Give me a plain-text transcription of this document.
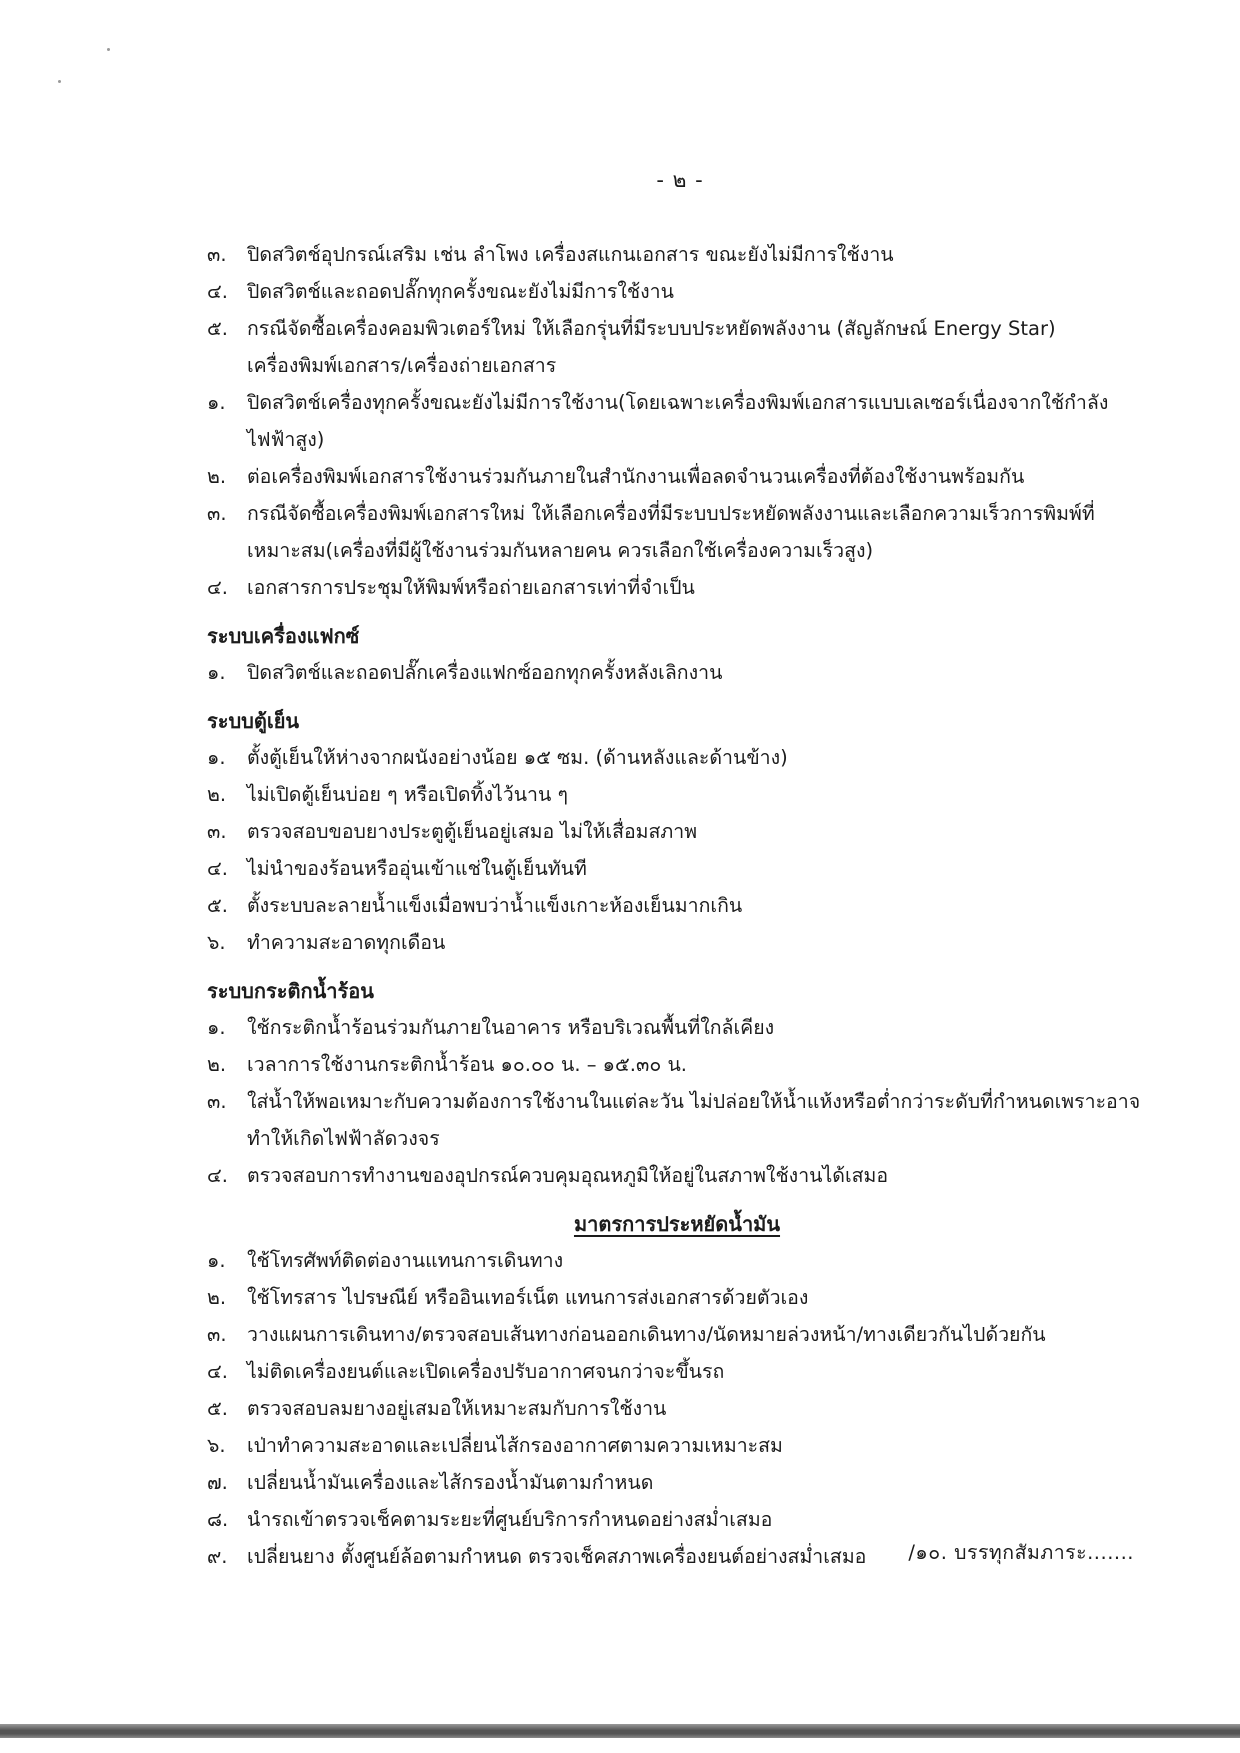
- ๒ -
๓.	ปิดสวิตช์อุปกรณ์เสริม เช่น ลำโพง เครื่องสแกนเอกสาร ขณะยังไม่มีการใช้งาน
๔. ปิดสวิตช์และถอดปลั๊กทุกครั้งขณะยังไม่มีการใช้งาน
๕. กรณีจัดซื้อเครื่องคอมพิวเตอร์ใหม่ ให้เลือกรุ่นที่มีระบบประหยัดพลังงาน (สัญลักษณ์ Energy Star)
เครื่องพิมพ์เอกสาร/เครื่องถ่ายเอกสาร
๑.	ปิดสวิตช์เครื่องทุกครั้งขณะยังไม่มีการใช้งาน(โดยเฉพาะเครื่องพิมพ์เอกสารแบบเลเซอร์เนื่องจากใช้กำลังไฟฟ้าสูง)
๒.	ต่อเครื่องพิมพ์เอกสารใช้งานร่วมกันภายในสำนักงานเพื่อลดจำนวนเครื่องที่ต้องใช้งานพร้อมกัน
๓.	กรณีจัดซื้อเครื่องพิมพ์เอกสารใหม่ ให้เลือกเครื่องที่มีระบบประหยัดพลังงานและเลือกความเร็วการพิมพ์ที่เหมาะสม(เครื่องที่มีผู้ใช้งานร่วมกันหลายคน ควรเลือกใช้เครื่องความเร็วสูง)
๔. เอกสารการประชุมให้พิมพ์หรือถ่ายเอกสารเท่าที่จำเป็น
ระบบเครื่องแฟกซ์
๑.	ปิดสวิตช์และถอดปลั๊กเครื่องแฟกซ์ออกทุกครั้งหลังเลิกงาน
ระบบตู้เย็น
๑.	ตั้งตู้เย็นให้ห่างจากผนังอย่างน้อย ๑๕ ซม. (ด้านหลังและด้านข้าง)
๒.	ไม่เปิดตู้เย็นบ่อย ๆ หรือเปิดทิ้งไว้นาน ๆ
๓.	ตรวจสอบขอบยางประตูตู้เย็นอยู่เสมอ ไม่ให้เสื่อมสภาพ
๔. ไม่นำของร้อนหรืออุ่นเข้าแช่ในตู้เย็นทันที
๕. ตั้งระบบละลายน้ำแข็งเมื่อพบว่าน้ำแข็งเกาะห้องเย็นมากเกิน
๖.	ทำความสะอาดทุกเดือน
ระบบกระติกน้ำร้อน
๑.	ใช้กระติกน้ำร้อนร่วมกันภายในอาคาร หรือบริเวณพื้นที่ใกล้เคียง
๒.	เวลาการใช้งานกระติกน้ำร้อน ๑๐.๐๐ น. – ๑๕.๓๐ น.
๓.	ใส่น้ำให้พอเหมาะกับความต้องการใช้งานในแต่ละวัน ไม่ปล่อยให้น้ำแห้งหรือต่ำกว่าระดับที่กำหนดเพราะอาจทำให้เกิดไฟฟ้าลัดวงจร
๔. ตรวจสอบการทำงานของอุปกรณ์ควบคุมอุณหภูมิให้อยู่ในสภาพใช้งานได้เสมอ
มาตรการประหยัดน้ำมัน
๑.	ใช้โทรศัพท์ติดต่องานแทนการเดินทาง
๒.	ใช้โทรสาร ไปรษณีย์ หรืออินเทอร์เน็ต แทนการส่งเอกสารด้วยตัวเอง
๓.	วางแผนการเดินทาง/ตรวจสอบเส้นทางก่อนออกเดินทาง/นัดหมายล่วงหน้า/ทางเดียวกันไปด้วยกัน
๔. ไม่ติดเครื่องยนต์และเปิดเครื่องปรับอากาศจนกว่าจะขึ้นรถ
๕. ตรวจสอบลมยางอยู่เสมอให้เหมาะสมกับการใช้งาน
๖.	เป่าทำความสะอาดและเปลี่ยนไส้กรองอากาศตามความเหมาะสม
๗. เปลี่ยนน้ำมันเครื่องและไส้กรองน้ำมันตามกำหนด
๘. นำรถเข้าตรวจเช็คตามระยะที่ศูนย์บริการกำหนดอย่างสม่ำเสมอ
๙.	เปลี่ยนยาง ตั้งศูนย์ล้อตามกำหนด ตรวจเช็คสภาพเครื่องยนต์อย่างสม่ำเสมอ	/๑๐. บรรทุกสัมภาระ.......
